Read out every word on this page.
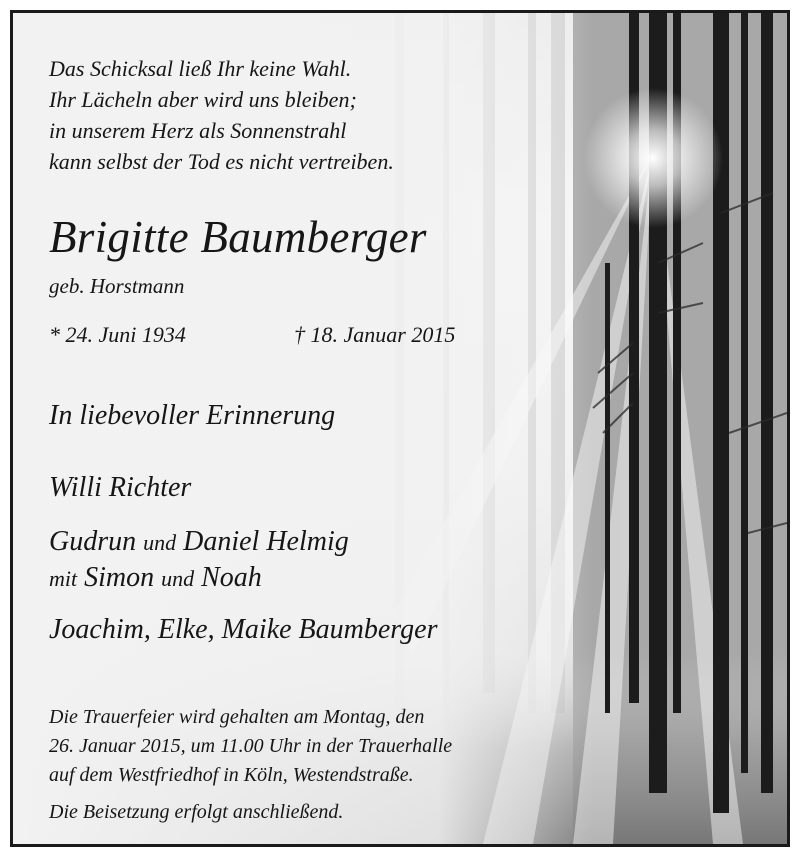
Das Schicksal ließ Ihr keine Wahl.
Ihr Lächeln aber wird uns bleiben;
in unserem Herz als Sonnenstrahl
kann selbst der Tod es nicht vertreiben.
Brigitte Baumberger
geb. Horstmann
* 24. Juni 1934	† 18. Januar 2015
In liebevoller Erinnerung
Willi Richter
Gudrun und Daniel Helmig
mit Simon und Noah
Joachim, Elke, Maike Baumberger
Die Trauerfeier wird gehalten am Montag, den
26. Januar 2015, um 11.00 Uhr in der Trauerhalle
auf dem Westfriedhof in Köln, Westendstraße.
Die Beisetzung erfolgt anschließend.
